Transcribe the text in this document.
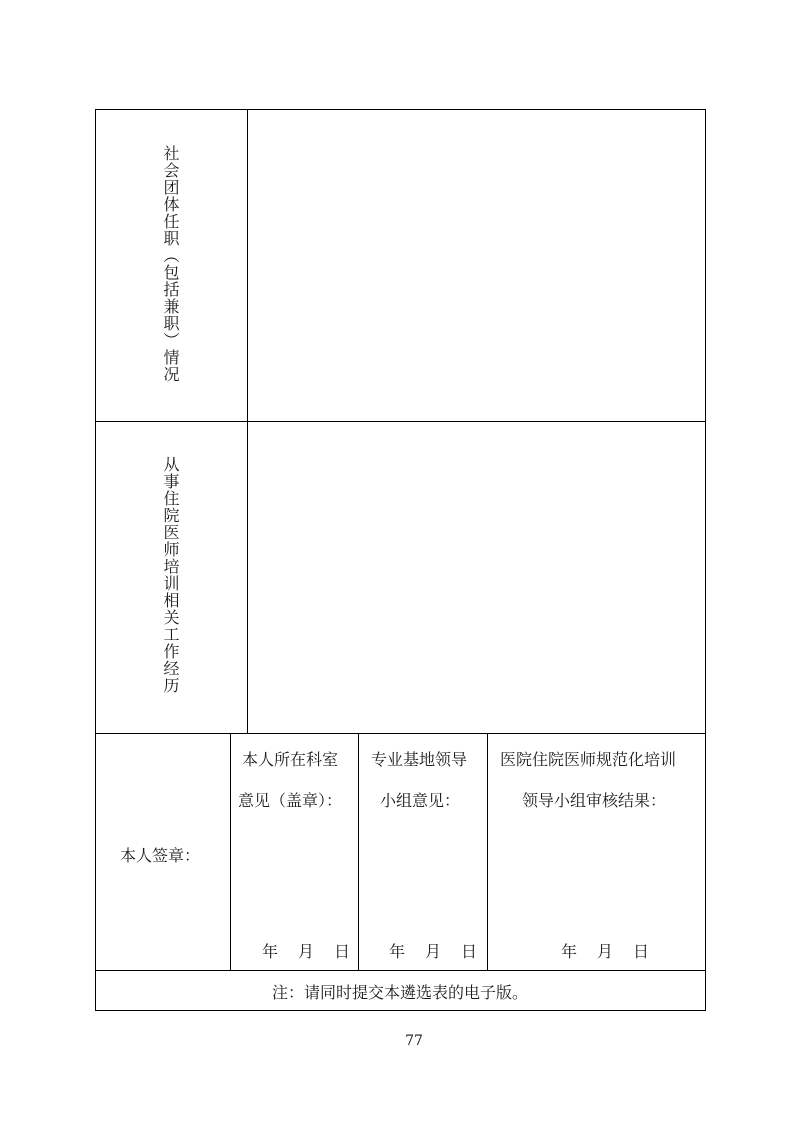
社会团体任职（包括兼职）情况
从事住院医师培训相关工作经历
本人签章：
本人所在科室
意见（盖章）：
年 月 日
专业基地领导
小组意见：
年 月 日
医院住院医师规范化培训
领导小组审核结果：
年 月 日
注：请同时提交本遴选表的电子版。
77
